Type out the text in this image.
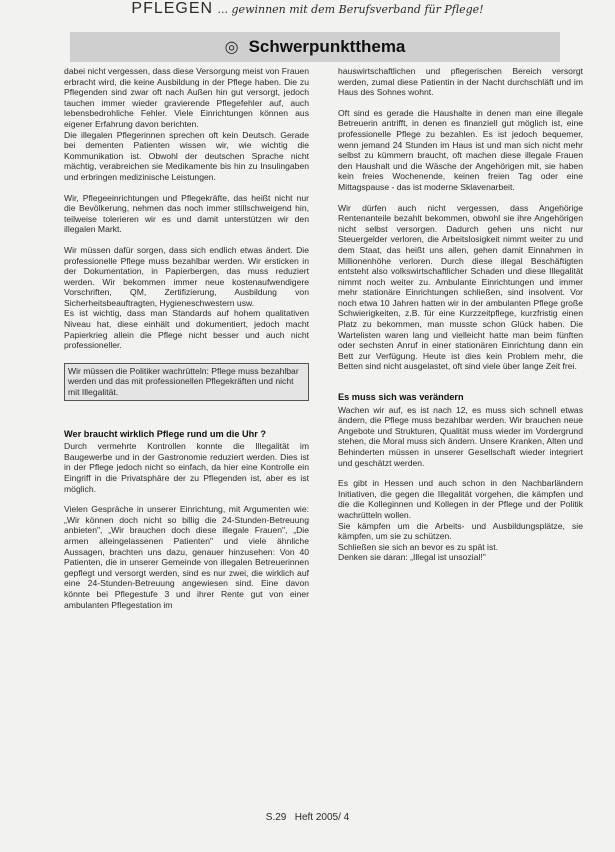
◎ Schwerpunktthema

dabei nicht vergessen, dass diese Versorgung meist von Frauen erbracht wird, die keine Ausbildung in der Pflege haben. Die zu Pflegenden sind zwar oft nach Außen hin gut versorgt, jedoch tauchen immer wieder gravierende Pflegefehler auf, auch lebensbedrohliche Fehler. Viele Einrichtungen können aus eigener Erfahrung davon berichten.

Die illegalen Pflegerinnen sprechen oft kein Deutsch. Gerade bei dementen Patienten wissen wir, wie wichtig die Kommunikation ist. Obwohl der deutschen Sprache nicht mächtig, verabreichen sie Medikamente bis hin zu Insulingaben und erbringen medizinische Leistungen.

Wir, Pflegeeinrichtungen und Pflegekräfte, das heißt nicht nur die Bevölkerung, nehmen das noch immer stillschweigend hin, teilweise tolerieren wir es und damit unterstützen wir den illegalen Markt.

Wir müssen dafür sorgen, dass sich endlich etwas ändert. Die professionelle Pflege muss bezahlbar werden. Wir ersticken in der Dokumentation, in Papierbergen, das muss reduziert werden. Wir bekommen immer neue kostenaufwendigere Vorschriften, QM, Zertifizierung, Ausbildung von Sicherheitsbeauftragten, Hygieneschwestern usw.

Es ist wichtig, dass man Standards auf hohem qualitativen Niveau hat, diese einhält und dokumentiert, jedoch macht Papierkrieg allein die Pflege nicht besser und auch nicht professioneller.

Wir müssen die Politiker wachrütteln: Pflege muss bezahlbar werden und das mit professionellen Pflegekräften und nicht mit Illegalität.
Wer braucht wirklich Pflege rund um die Uhr ?

Durch vermehrte Kontrollen konnte die Illegalität im Baugewerbe und in der Gastronomie reduziert werden. Dies ist in der Pflege jedoch nicht so einfach, da hier eine Kontrolle ein Eingriff in die Privatsphäre der zu Pflegenden ist, aber es ist möglich.

Vielen Gespräche in unserer Einrichtung, mit Argumenten wie: „Wir können doch nicht so billig die 24-Stunden-Betreuung anbieten", „Wir brauchen doch diese illegale Frauen", „Die armen alleingelassenen Patienten" und viele ähnliche Aussagen, brachten uns dazu, genauer hinzusehen: Von 40 Patienten, die in unserer Gemeinde von illegalen Betreuerinnen gepflegt und versorgt werden, sind es nur zwei, die wirklich auf eine 24-Stunden-Betreuung angewiesen sind. Eine davon könnte bei Pflegestufe 3 und ihrer Rente gut von einer ambulanten Pflegestation im

hauswirtschaftlichen und pflegerischen Bereich versorgt werden, zumal diese Patientin in der Nacht durchschläft und im Haus des Sohnes wohnt.

Oft sind es gerade die Haushalte in denen man eine illegale Betreuerin antrifft, in denen es finanziell gut möglich ist, eine professionelle Pflege zu bezahlen. Es ist jedoch bequemer, wenn jemand 24 Stunden im Haus ist und man sich nicht mehr selbst zu kümmern braucht, oft machen diese illegale Frauen den Haushalt und die Wäsche der Angehörigen mit, sie haben kein freies Wochenende, keinen freien Tag oder eine Mittagspause - das ist moderne Sklavenarbeit.

Wir dürfen auch nicht vergessen, dass Angehörige Rentenanteile bezahlt bekommen, obwohl sie ihre Angehörigen nicht selbst versorgen. Dadurch gehen uns nicht nur Steuergelder verloren, die Arbeitslosigkeit nimmt weiter zu und dem Staat, das heißt uns allen, gehen damit Einnahmen in Millionenhöhe verloren. Durch diese illegal Beschäftigten entsteht also volkswirtschaftlicher Schaden und diese Illegalität nimmt noch weiter zu. Ambulante Einrichtungen und immer mehr stationäre Einrichtungen schließen, sind insolvent. Vor noch etwa 10 Jahren hatten wir in der ambulanten Pflege große Schwierigkeiten, z.B. für eine Kurzzeitpflege, kurzfristig einen Platz zu bekommen, man musste schon Glück haben. Die Wartelisten waren lang und vielleicht hatte man beim fünften oder sechsten Anruf in einer stationären Einrichtung dann ein Bett zur Verfügung. Heute ist dies kein Problem mehr, die Betten sind nicht ausgelastet, oft sind viele über lange Zeit frei.

Es muss sich was verändern

Wachen wir auf, es ist nach 12, es muss sich schnell etwas ändern, die Pflege muss bezahlbar werden. Wir brauchen neue Angebote und Strukturen, Qualität muss wieder im Vordergrund stehen, die Moral muss sich ändern. Unsere Kranken, Alten und Behinderten müssen in unserer Gesellschaft wieder integriert und geschätzt werden.

Es gibt in Hessen und auch schon in den Nachbarländern Initiativen, die gegen die Illegalität vorgehen, die kämpfen und die die Kolleginnen und Kollegen in der Pflege und der Politik wachrütteln wollen.

Sie kämpfen um die Arbeits- und Ausbildungsplätze, sie kämpfen, um sie zu schützen.

Schließen sie sich an bevor es zu spät ist.

Denken sie daran: „Illegal ist unsozial!"

PFLEGEN ... gewinnen mit dem Berufsverband für Pflege!
S.29 Heft 2005/ 4
